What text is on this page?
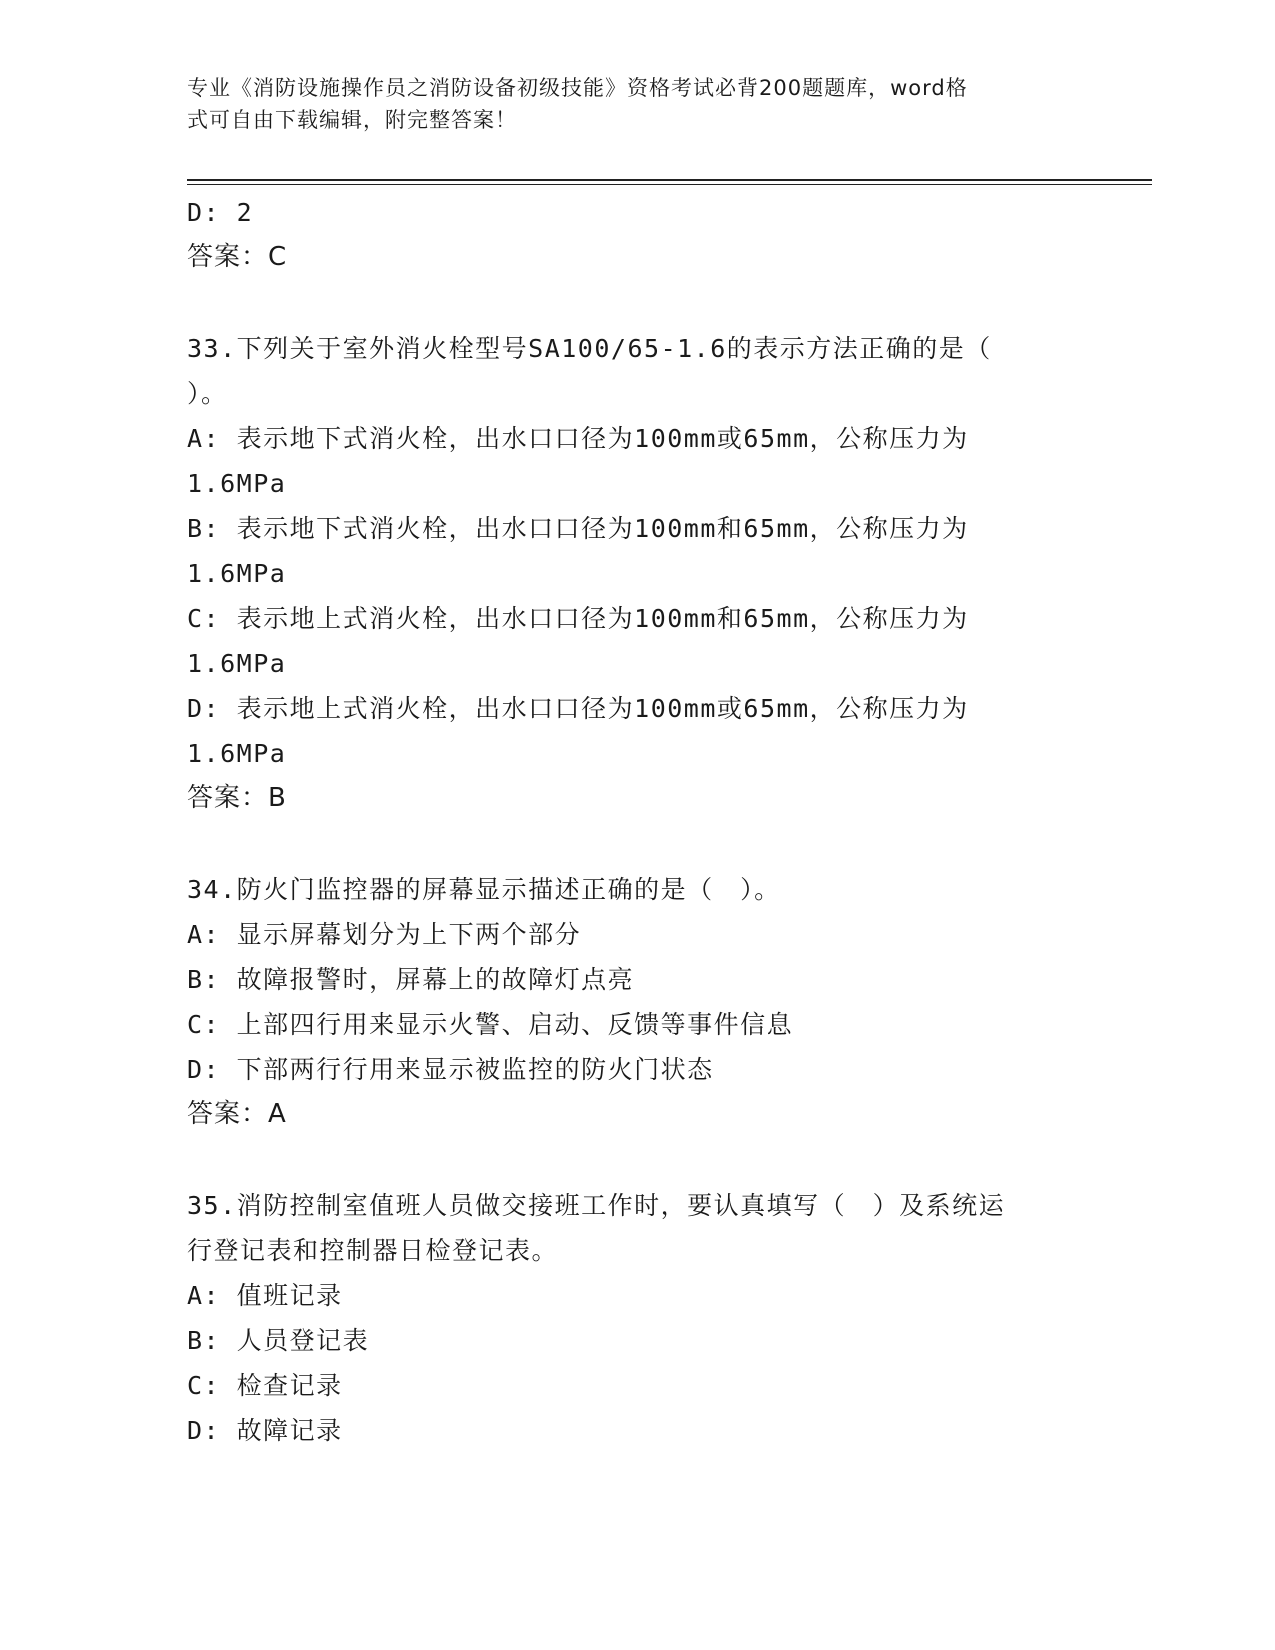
专业《消防设施操作员之消防设备初级技能》资格考试必背200题题库，word格
式可自由下载编辑，附完整答案！
D: 2
答案：C
33.下列关于室外消火栓型号SA100/65-1.6的表示方法正确的是（
）。
A: 表示地下式消火栓，出水口口径为100mm或65mm，公称压力为
1.6MPa
B: 表示地下式消火栓，出水口口径为100mm和65mm，公称压力为
1.6MPa
C: 表示地上式消火栓，出水口口径为100mm和65mm，公称压力为
1.6MPa
D: 表示地上式消火栓，出水口口径为100mm或65mm，公称压力为
1.6MPa
答案：B
34.防火门监控器的屏幕显示描述正确的是（　）。
A: 显示屏幕划分为上下两个部分
B: 故障报警时，屏幕上的故障灯点亮
C: 上部四行用来显示火警、启动、反馈等事件信息
D: 下部两行行用来显示被监控的防火门状态
答案：A
35.消防控制室值班人员做交接班工作时，要认真填写（　）及系统运
行登记表和控制器日检登记表。
A: 值班记录
B: 人员登记表
C: 检查记录
D: 故障记录
